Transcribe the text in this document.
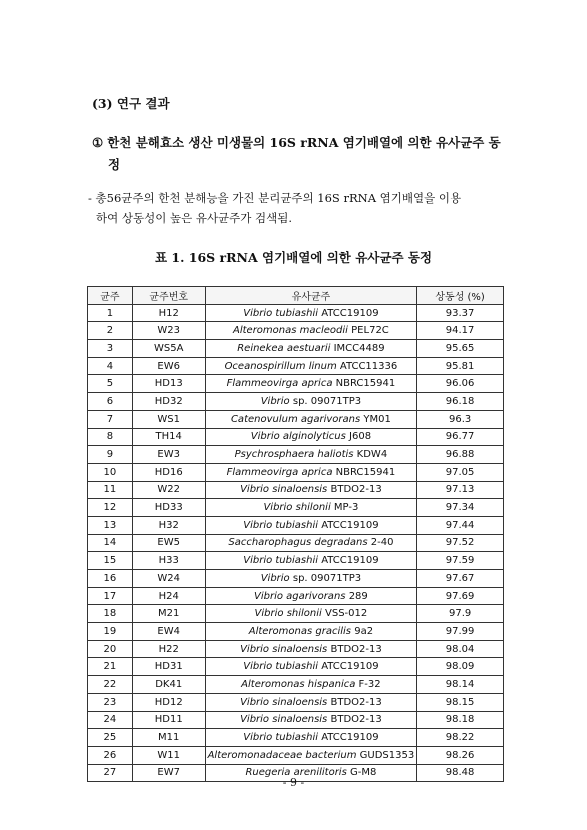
(3) 연구 결과
① 한천 분해효소 생산 미생물의 16S rRNA 염기배열에 의한 유사균주 동
정
- 총56균주의 한천 분해능을 가진 분리균주의 16S rRNA 염기배열을 이용
하여 상동성이 높은 유사균주가 검색됨.
표 1. 16S rRNA 염기배열에 의한 유사균주 동정
균주	균주번호	유사균주	상동성 (%)
1	H12	Vibrio tubiashii ATCC19109	93.37
2	W23	Alteromonas macleodii PEL72C	94.17
3	WS5A	Reinekea aestuarii IMCC4489	95.65
4	EW6	Oceanospirillum linum ATCC11336	95.81
5	HD13	Flammeovirga aprica NBRC15941	96.06
6	HD32	Vibrio sp. 09071TP3	96.18
7	WS1	Catenovulum agarivorans YM01	96.3
8	TH14	Vibrio alginolyticus J608	96.77
9	EW3	Psychrosphaera haliotis KDW4	96.88
10	HD16	Flammeovirga aprica NBRC15941	97.05
11	W22	Vibrio sinaloensis BTDO2-13	97.13
12	HD33	Vibrio shilonii MP-3	97.34
13	H32	Vibrio tubiashii ATCC19109	97.44
14	EW5	Saccharophagus degradans 2-40	97.52
15	H33	Vibrio tubiashii ATCC19109	97.59
16	W24	Vibrio sp. 09071TP3	97.67
17	H24	Vibrio agarivorans 289	97.69
18	M21	Vibrio shilonii VSS-012	97.9
19	EW4	Alteromonas gracilis 9a2	97.99
20	H22	Vibrio sinaloensis BTDO2-13	98.04
21	HD31	Vibrio tubiashii ATCC19109	98.09
22	DK41	Alteromonas hispanica F-32	98.14
23	HD12	Vibrio sinaloensis BTDO2-13	98.15
24	HD11	Vibrio sinaloensis BTDO2-13	98.18
25	M11	Vibrio tubiashii ATCC19109	98.22
26	W11	Alteromonadaceae bacterium GUDS1353	98.26
27	EW7	Ruegeria arenilitoris G-M8	98.48
- 9 -
